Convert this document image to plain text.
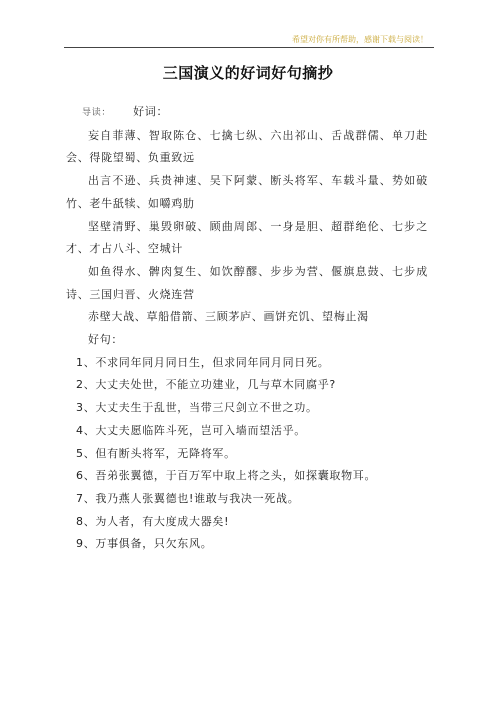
希望对你有所帮助，感谢下载与阅读！
三国演义的好词好句摘抄

导读： 好词：

妄自菲薄、智取陈仓、七擒七纵、六出祁山、舌战群儒、单刀赴会、得陇望蜀、负重致远

出言不逊、兵贵神速、吴下阿蒙、断头将军、车载斗量、势如破竹、老牛舐犊、如嚼鸡肋

坚壁清野、巢毁卵破、顾曲周郎、一身是胆、超群绝伦、七步之才、才占八斗、空城计

如鱼得水、髀肉复生、如饮醇醪、步步为营、偃旗息鼓、七步成诗、三国归晋、火烧连营

赤壁大战、草船借箭、三顾茅庐、画饼充饥、望梅止渴

好句：

1、不求同年同月同日生，但求同年同月同日死。

2、大丈夫处世，不能立功建业，几与草木同腐乎?

3、大丈夫生于乱世，当带三尺剑立不世之功。

4、大丈夫愿临阵斗死，岂可入墙而望活乎。

5、但有断头将军，无降将军。

6、吾弟张翼德，于百万军中取上将之头，如探囊取物耳。

7、我乃燕人张翼德也!谁敢与我决一死战。

8、为人者，有大度成大器矣!

9、万事俱备，只欠东风。
